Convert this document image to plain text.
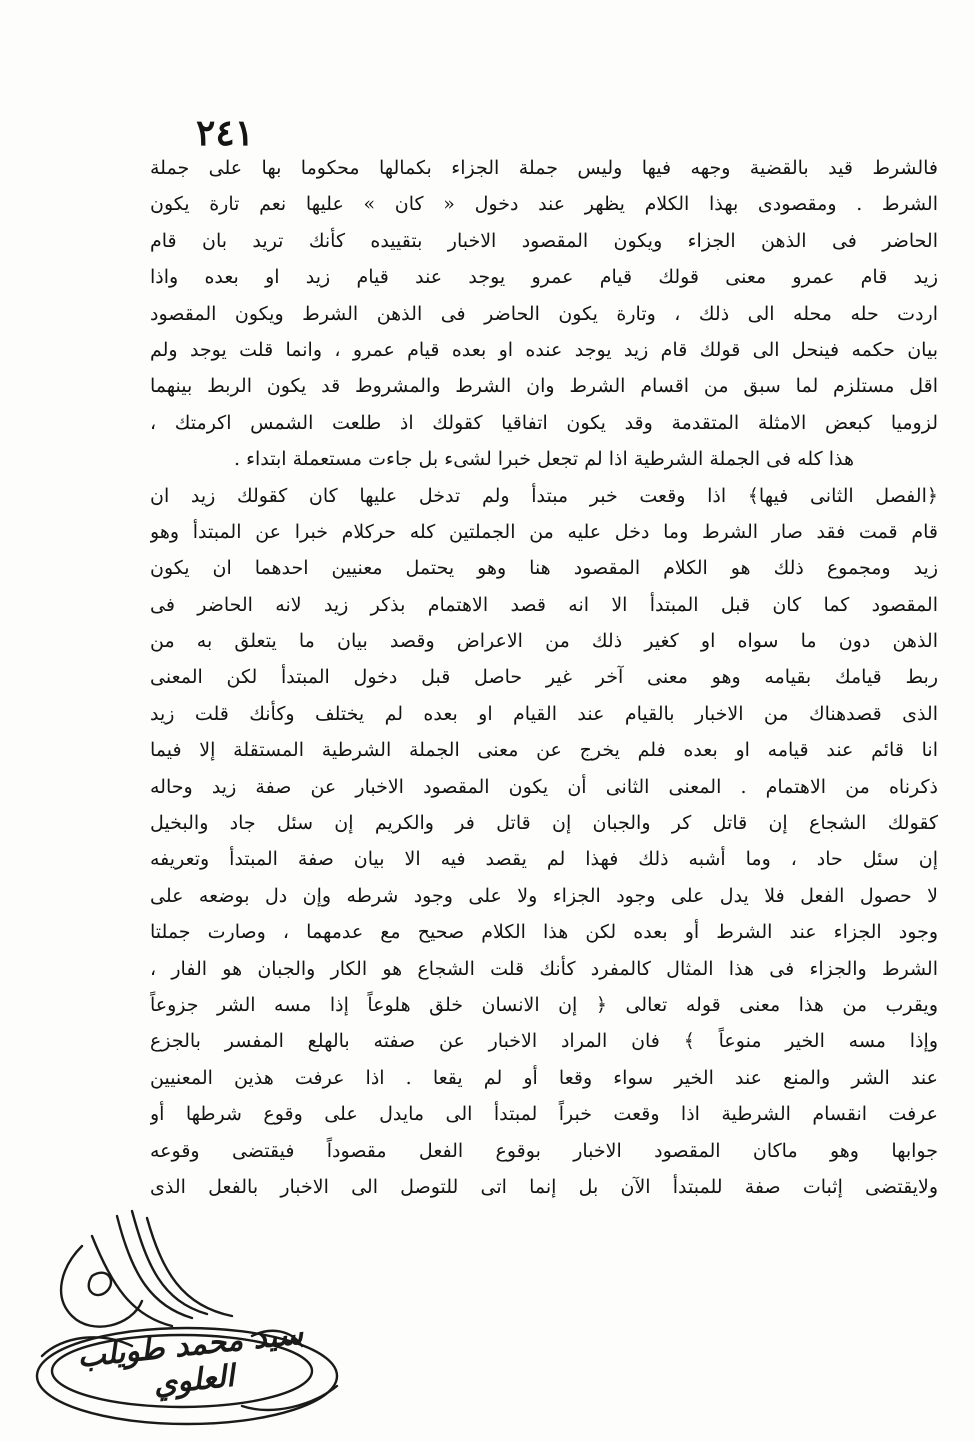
٢٤١
فالشرط قيد بالقضية وجهه فيها وليس جملة الجزاء بكمالها محكوما بها على جملة
الشرط . ومقصودى بهذا الكلام يظهر عند دخول « كان » عليها نعم تارة يكون
الحاضر فى الذهن الجزاء ويكون المقصود الاخبار بتقييده كأنك تريد بان قام
زيد قام عمرو معنى قولك قيام عمرو يوجد عند قيام زيد او بعده واذا
اردت حله محله الى ذلك ، وتارة يكون الحاضر فى الذهن الشرط ويكون المقصود
بيان حكمه فينحل الى قولك قام زيد يوجد عنده او بعده قيام عمرو ، وانما قلت يوجد ولم
اقل مستلزم لما سبق من اقسام الشرط وان الشرط والمشروط قد يكون الربط بينهما
لزوميا كبعض الامثلة المتقدمة وقد يكون اتفاقيا كقولك اذ طلعت الشمس اكرمتك ،
هذا كله فى الجملة الشرطية اذا لم تجعل خبرا لشىء بل جاءت مستعملة ابتداء .
﴿الفصل الثانى فيها﴾ اذا وقعت خبر مبتدأ ولم تدخل عليها كان كقولك زيد ان
قام قمت فقد صار الشرط وما دخل عليه من الجملتين كله حركلام خبرا عن المبتدأ وهو
زيد ومجموع ذلك هو الكلام المقصود هنا وهو يحتمل معنيين احدهما ان يكون
المقصود كما كان قبل المبتدأ الا انه قصد الاهتمام بذكر زيد لانه الحاضر فى
الذهن دون ما سواه او كغير ذلك من الاعراض وقصد بيان ما يتعلق به من
ربط قيامك بقيامه وهو معنى آخر غير حاصل قبل دخول المبتدأ لكن المعنى
الذى قصدهناك من الاخبار بالقيام عند القيام او بعده لم يختلف وكأنك قلت زيد
انا قائم عند قيامه او بعده فلم يخرج عن معنى الجملة الشرطية المستقلة إلا فيما
ذكرناه من الاهتمام . المعنى الثانى أن يكون المقصود الاخبار عن صفة زيد وحاله
كقولك الشجاع إن قاتل كر والجبان إن قاتل فر والكريم إن سئل جاد والبخيل
إن سئل حاد ، وما أشبه ذلك فهذا لم يقصد فيه الا بيان صفة المبتدأ وتعريفه
لا حصول الفعل فلا يدل على وجود الجزاء ولا على وجود شرطه وإن دل بوضعه على
وجود الجزاء عند الشرط أو بعده لكن هذا الكلام صحيح مع عدمهما ، وصارت جملتا
الشرط والجزاء فى هذا المثال كالمفرد كأنك قلت الشجاع هو الكار والجبان هو الفار ،
ويقرب من هذا معنى قوله تعالى ﴿ إن الانسان خلق هلوعاً إذا مسه الشر جزوعاً
وإذا مسه الخير منوعاً ﴾ فان المراد الاخبار عن صفته بالهلع المفسر بالجزع
عند الشر والمنع عند الخير سواء وقعا أو لم يقعا . اذا عرفت هذين المعنيين
عرفت انقسام الشرطية اذا وقعت خبراً لمبتدأ الى مايدل على وقوع شرطها أو
جوابها وهو ماكان المقصود الاخبار بوقوع الفعل مقصوداً فيقتضى وقوعه
ولايقتضى إثبات صفة للمبتدأ الآن بل إنما اتى للتوصل الى الاخبار بالفعل الذى
سيد محمد طويلب العلوي
